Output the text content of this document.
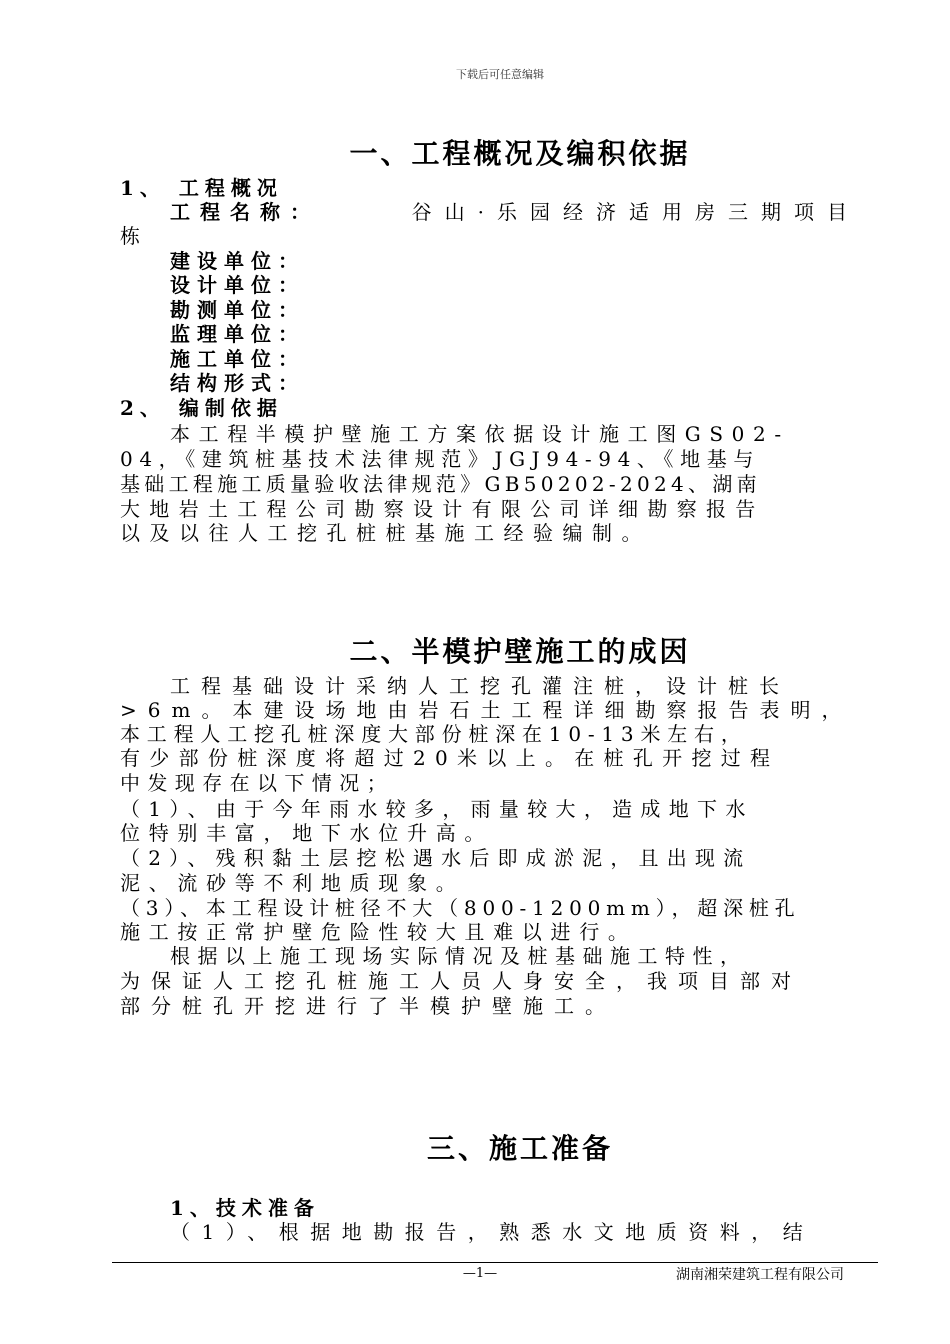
下载后可任意编辑
一、工程概况及编积依据
1、 工程概况
工程名称：	谷山·乐园经济适用房三期项目
栋
建设单位：
设计单位：
勘测单位：
监理单位：
施工单位：
结构形式：
2、 编制依据
本工程半模护壁施工方案依据设计施工图GS02-
04，《建筑桩基技术法律规范》JGJ94-94、《地基与
基础工程施工质量验收法律规范》GB50202-2024、湖南
大地岩土工程公司勘察设计有限公司详细勘察报告
以及以往人工挖孔桩桩基施工经验编制。
二、半模护壁施工的成因
工程基础设计采纳人工挖孔灌注桩，设计桩长
>6m。本建设场地由岩石土工程详细勘察报告表明，
本工程人工挖孔桩深度大部份桩深在10-13米左右，
有少部份桩深度将超过20米以上。在桩孔开挖过程
中发现存在以下情况；
（1）、由于今年雨水较多，雨量较大，造成地下水
位特别丰富，地下水位升高。
（2）、残积黏土层挖松遇水后即成淤泥，且出现流
泥、流砂等不利地质现象。
（3）、本工程设计桩径不大（800-1200mm），超深桩孔
施工按正常护壁危险性较大且难以进行。
根据以上施工现场实际情况及桩基础施工特性，
为保证人工挖孔桩施工人员人身安全，我项目部对
部分桩孔开挖进行了半模护壁施工。
三、施工准备
1、技术准备
（1）、根据地勘报告，熟悉水文地质资料，结
—1—	湖南湘荣建筑工程有限公司
